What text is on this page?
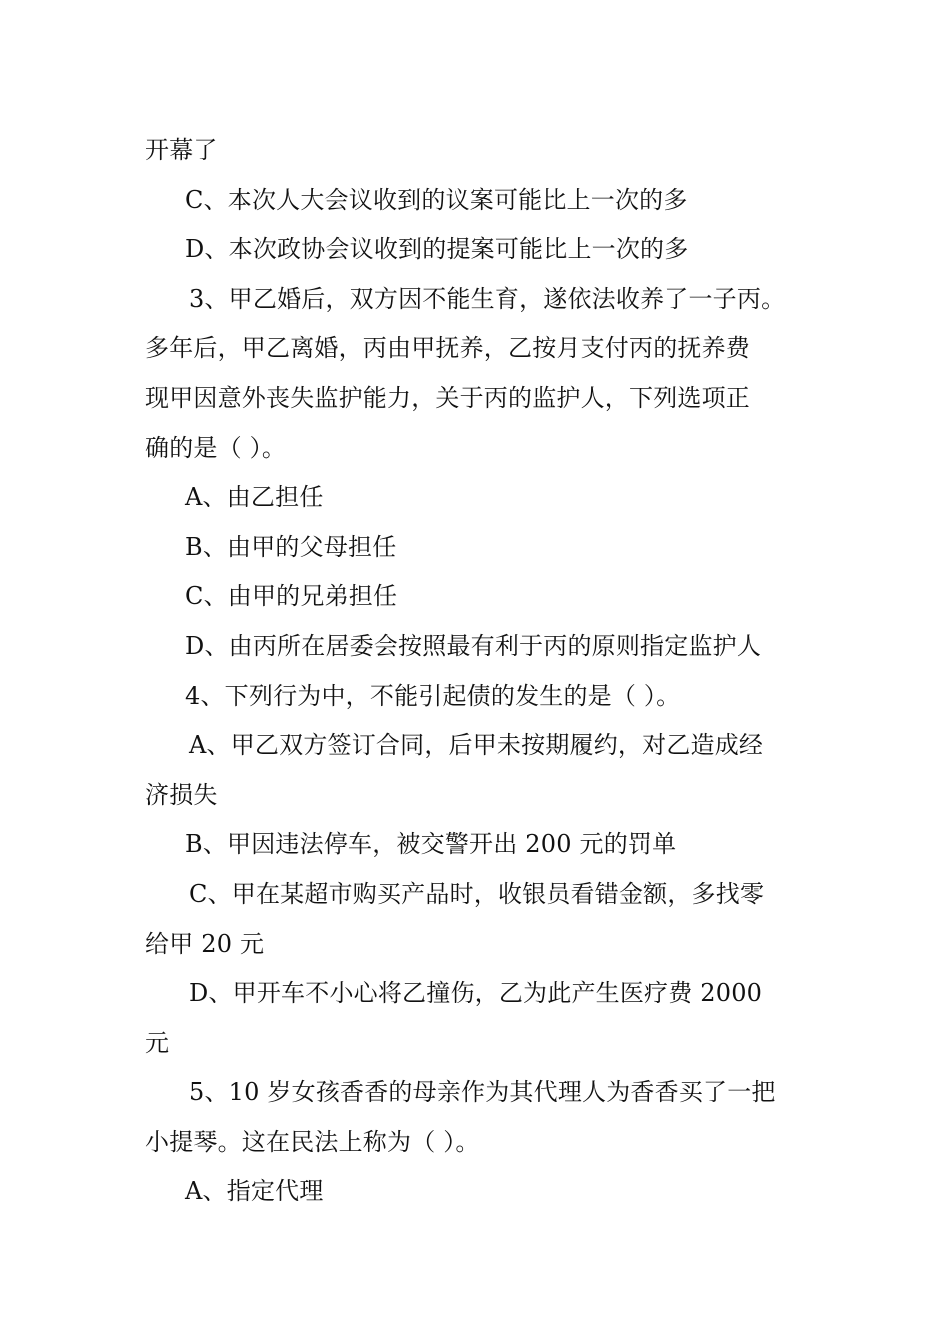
开幕了
C、本次人大会议收到的议案可能比上一次的多
D、本次政协会议收到的提案可能比上一次的多
3、甲乙婚后，双方因不能生育，遂依法收养了一子丙。
多年后，甲乙离婚，丙由甲抚养，乙按月支付丙的抚养费
现甲因意外丧失监护能力，关于丙的监护人，下列选项正
确的是（ ）。
A、由乙担任
B、由甲的父母担任
C、由甲的兄弟担任
D、由丙所在居委会按照最有利于丙的原则指定监护人
4、下列行为中，不能引起债的发生的是（ ）。
A、甲乙双方签订合同，后甲未按期履约，对乙造成经
济损失
B、甲因违法停车，被交警开出 200 元的罚单
C、甲在某超市购买产品时，收银员看错金额，多找零
给甲 20 元
D、甲开车不小心将乙撞伤，乙为此产生医疗费 2000
元
5、10 岁女孩香香的母亲作为其代理人为香香买了一把
小提琴。这在民法上称为（ ）。
A、指定代理
